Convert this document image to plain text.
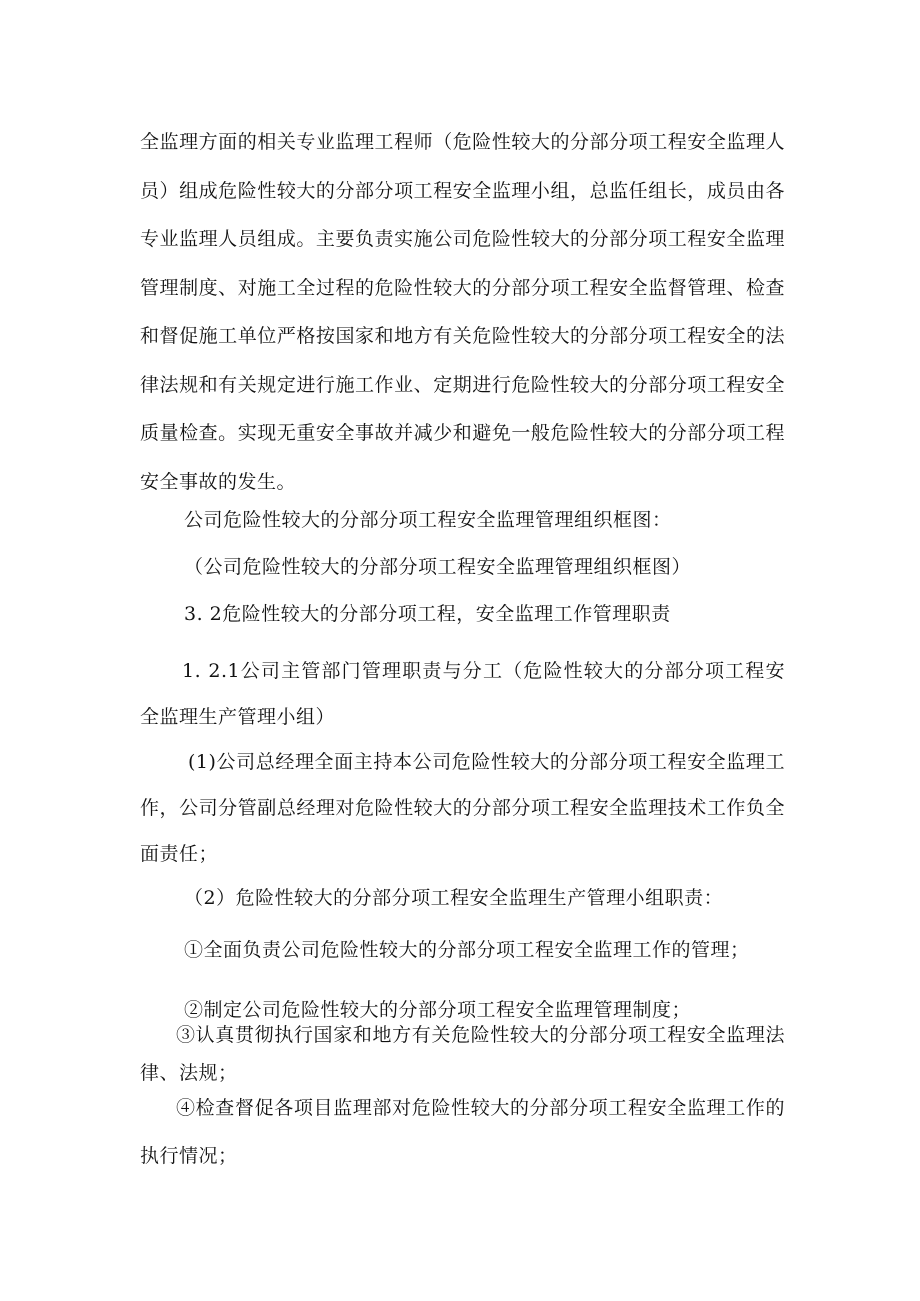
全监理方面的相关专业监理工程师（危险性较大的分部分项工程安全监理人员）组成危险性较大的分部分项工程安全监理小组，总监任组长，成员由各专业监理人员组成。主要负责实施公司危险性较大的分部分项工程安全监理管理制度、对施工全过程的危险性较大的分部分项工程安全监督管理、检查和督促施工单位严格按国家和地方有关危险性较大的分部分项工程安全的法律法规和有关规定进行施工作业、定期进行危险性较大的分部分项工程安全质量检查。实现无重安全事故并减少和避免一般危险性较大的分部分项工程安全事故的发生。

公司危险性较大的分部分项工程安全监理管理组织框图：

（公司危险性较大的分部分项工程安全监理管理组织框图）

3. 2危险性较大的分部分项工程，安全监理工作管理职责

1. 2.1公司主管部门管理职责与分工（危险性较大的分部分项工程安全监理生产管理小组）

(1)公司总经理全面主持本公司危险性较大的分部分项工程安全监理工作，公司分管副总经理对危险性较大的分部分项工程安全监理技术工作负全面责任；

（2）危险性较大的分部分项工程安全监理生产管理小组职责：

①全面负责公司危险性较大的分部分项工程安全监理工作的管理；

②制定公司危险性较大的分部分项工程安全监理管理制度；

③认真贯彻执行国家和地方有关危险性较大的分部分项工程安全监理法律、法规；

④检查督促各项目监理部对危险性较大的分部分项工程安全监理工作的执行情况；
